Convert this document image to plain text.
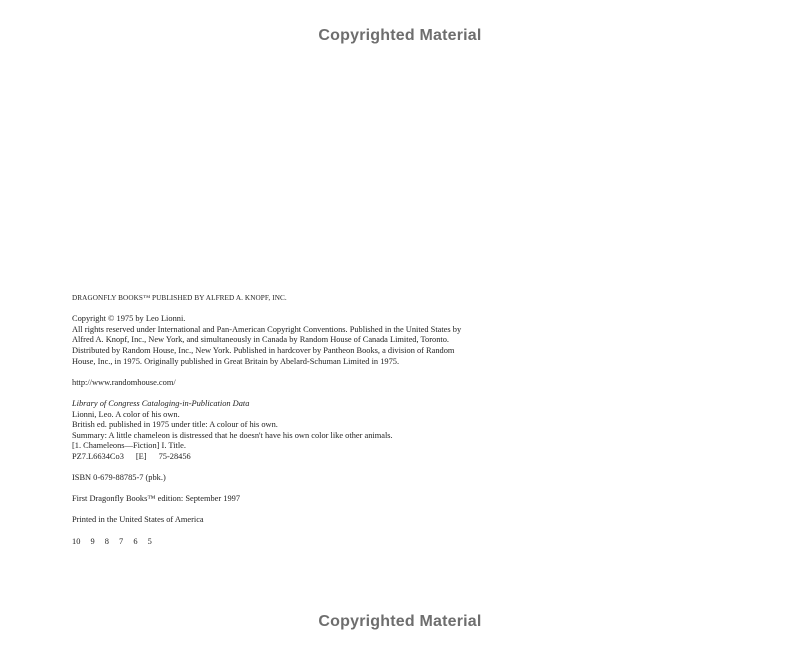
Copyrighted Material
DRAGONFLY BOOKS™ PUBLISHED BY ALFRED A. KNOPF, INC.
Copyright © 1975 by Leo Lionni.
All rights reserved under International and Pan-American Copyright Conventions. Published in the United States by
Alfred A. Knopf, Inc., New York, and simultaneously in Canada by Random House of Canada Limited, Toronto.
Distributed by Random House, Inc., New York. Published in hardcover by Pantheon Books, a division of Random
House, Inc., in 1975. Originally published in Great Britain by Abelard-Schuman Limited in 1975.
http://www.randomhouse.com/
Library of Congress Cataloging-in-Publication Data
Lionni, Leo. A color of his own.
British ed. published in 1975 under title: A colour of his own.
Summary: A little chameleon is distressed that he doesn't have his own color like other animals.
[1. Chameleons—Fiction] I. Title.
PZ7.L6634Co3 [E] 75-28456
ISBN 0-679-88785-7 (pbk.)
First Dragonfly Books™ edition: September 1997
Printed in the United States of America
10 9 8 7 6 5
Copyrighted Material
